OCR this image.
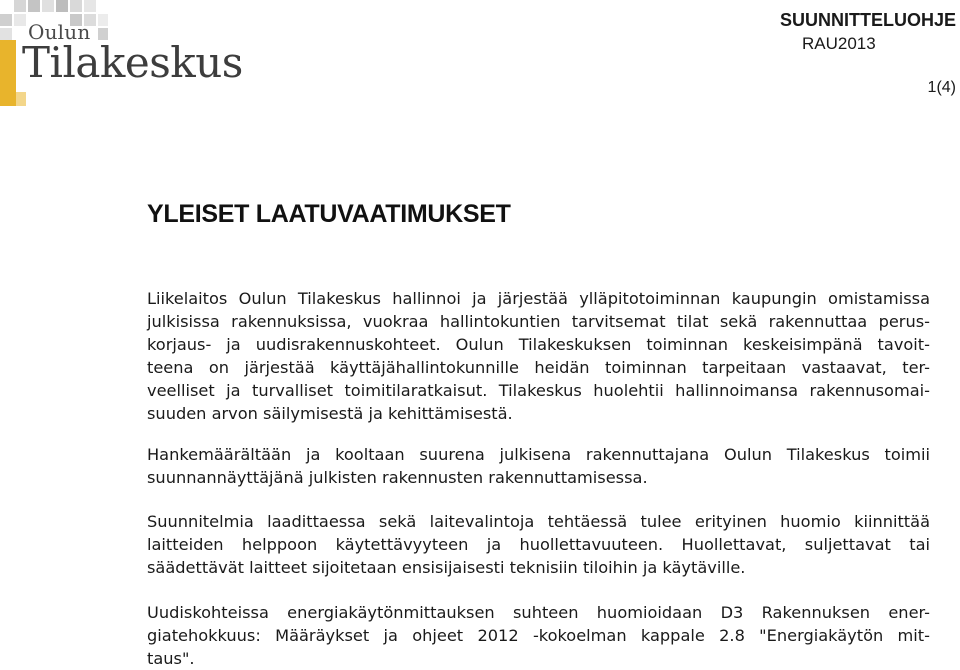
Oulun
Tilakeskus
SUUNNITTELUOHJE
RAU2013
1(4)
YLEISET LAATUVAATIMUKSET
Liikelaitos Oulun Tilakeskus hallinnoi ja järjestää ylläpitotoiminnan kaupungin omistamissa
julkisissa rakennuksissa, vuokraa hallintokuntien tarvitsemat tilat sekä rakennuttaa perus-
korjaus- ja uudisrakennuskohteet. Oulun Tilakeskuksen toiminnan keskeisimpänä tavoit-
teena on järjestää käyttäjähallintokunnille heidän toiminnan tarpeitaan vastaavat, ter-
veelliset ja turvalliset toimitilaratkaisut. Tilakeskus huolehtii hallinnoimansa rakennusomai-
suuden arvon säilymisestä ja kehittämisestä.
Hankemäärältään ja kooltaan suurena julkisena rakennuttajana Oulun Tilakeskus toimii
suunnannäyttäjänä julkisten rakennusten rakennuttamisessa.
Suunnitelmia laadittaessa sekä laitevalintoja tehtäessä tulee erityinen huomio kiinnittää
laitteiden helppoon käytettävyyteen ja huollettavuuteen. Huollettavat, suljettavat tai
säädettävät laitteet sijoitetaan ensisijaisesti teknisiin tiloihin ja käytäville.
Uudiskohteissa energiakäytönmittauksen suhteen huomioidaan D3 Rakennuksen ener-
giatehokkuus: Määräykset ja ohjeet 2012 -kokoelman kappale 2.8 "Energiakäytön mit-
taus".
